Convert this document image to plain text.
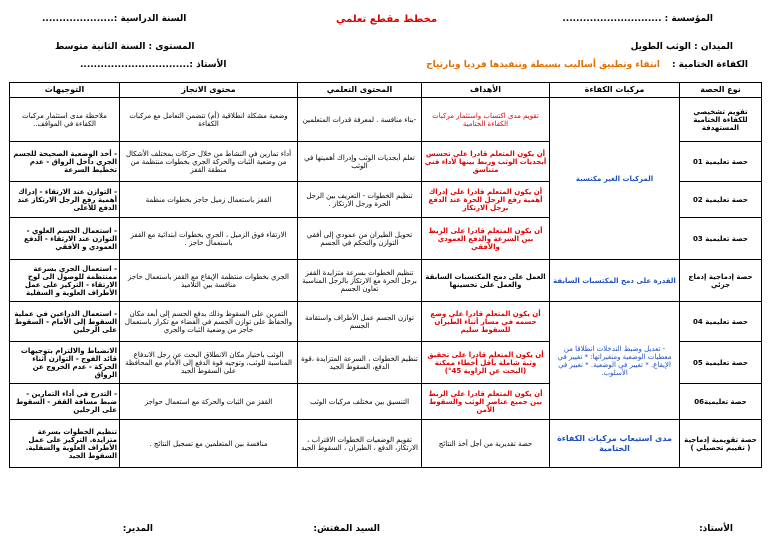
المؤسسة : .............................
مخطط مقطع تعلمي
السنة الدراسية :.....................
الميدان : الوثب الطويل
المستوى : السنة الثانية متوسط
الكفاءة الختامية :
انتقاء وتطبيق أساليب بسيطة وتنفيذها فرديا وبارتياح
الأستاذ :................................
نوع الحصة	مركبات الكفاءة	الأهداف	المحتوى التعلمي	محتوى الانجاز	التوجيهات
تقويم تشخيصي للكفاءة الختامية المستهدفة	المركبات الغير مكتسبة	تقويم مدى اكتساب واستثمار مركبات الكفاءة الختامية	-بناء منافسة . لمعرفة قدرات المتعلمين	وضعية مشكلة انطلاقية (أم) تتضمن التعامل مع مركبات الكفاءة	ملاحظة مدى استثمار مركبات الكفاءة في المواقف..
حصة تعليمية 01		أن يكون المتعلم قادرا على تحسس أبجديات الوثب وربط بينها لأداء فني متناسق	تعلم أبجديات الوثب وإدراك أهميتها في الوثب	أداء تمارين في النشاط من خلال حركات بمختلف الأشكال من وضعية الثبات والحركة الجري بخطوات منتظمة من منطقة القفز	- أخذ الوضعية الصحيحة للجسم الجري داخل الرواق - عدم تخطيط السرعة
حصة تعليمية 02		أن يكون المتعلم قادرا على إدراك أهمية رفع الرجل الحرة عند الدفع برجل الارتكاز	تنظيم الخطوات - التعريف بين الرجل الحرة ورجل الارتكاز .	القفز باستعمال زميل جاجز بخطوات منظمة	- التوازن عند الارتقاء - إدراك أهمية رفع الرجل الارتكاز عند الدفع للأعلى
حصة تعليمية 03		أن يكون المتعلم قادرا على الربط بين السرعة والدفع العمودي والأفقي	تحويل الطيران من عمودي إلى أفقي التوازن والتحكم في الجسم	الارتقاء فوق الزميل ، الجري بخطوات ابتدائية مع القفز باستعمال حاجز .	- استعمال الجسم العلوي - التوازن عند الارتقاء - الدفع العمودي و الأفقي
حصة إدماجية إدماج جزئي	القدرة على دمج المكتسبات السابقة	العمل على دمج المكتسبات السابقة والعمل على تحسينها	تنظيم الخطوات بسرعة متزايدة القفز برجل الحرة مع الارتكاز بالرجل المناسبة تعاون الجسم	الجري بخطوات منتظمة الإيقاع مع القفز باستعمال حاجز منافسة بين التلاميذ	- استعمال الجري بسرعة ممنتظمة للوصول الى لوح الارتقاء - التركيز على عمل الأطراف العلوية و السفلية
حصة تعليمية 04	- تعديل وضبط التدخلات انطلاقا من معطيات الوضعية ومتغيراتها: * تغيير في الإيقاع. * تغيير في الوضعية. * تغيير في الأسلوب.	أن يكون المتعلم قادرا على وضع جسمه في مسار أثناء الطيران للسقوط سليم	توازن الجسم عمل الأطراف واستقامة الجسم	التمرين على السقوط وذلك بدفع الجسم إلى أبعد مكان والحفاظ على توازن الجسم في الفضاء مع تكرار باستعمال حاجز من وضعية الثبات والجري	- استعمال الذراعين في عملية السقوط إلى الأمام - السقوط على الرجلين
حصة تعليمية 05		أن يكون المتعلم قادرا على تحقيق وثبة شاملة بأقل أخطاء ممكنة (البحث عن الزاوية 45°)	تنظيم الخطوات ، السرعة المتزايدة ،قوة الدفع، السقوط الجيد	الوثب باختيار مكان الانطلاق البحث عن رجل الاندفاع المناسبة للوثب، وتوجيه قوة الدفع إلى الأمام مع المحافظة على السقوط الجيد	الانضباط والالتزام بتوجيهات قائد الفوج - التوازن أثناء الحركة - عدم الخروج عن الرواق
حصة تعليمية06		أن يكون المتعلم قادرا على الربط بين جميع عناصر الوثب والسقوط الآمن	التنسيق بين مختلف مركبات الوثب	القفز من الثبات والحركة مع استعمال حواجز	- التدرج في أداء التمارين - ضبط مسافة القفز - السقوط على الرجلين
حصة تقويمية إدماجية ( تقييم تحصيلي )	مدى استيعاب مركبات الكفاءة الختامية	حصة تقديرية من أجل أخذ النتائج	تقويم الوضعيات الخطوات الاقتراب ، الارتكاز، الدفع ، الطيران ، السقوط الجيد	منافسة بين المتعلمين مع تسجيل النتائج .	تنظيم الخطوات بسرعة متزايدة. التركيز على عمل الأطراف العلوية والسفلية. السقوط الجيد
الأستاذ:
السيد المفتش:
المدير:
